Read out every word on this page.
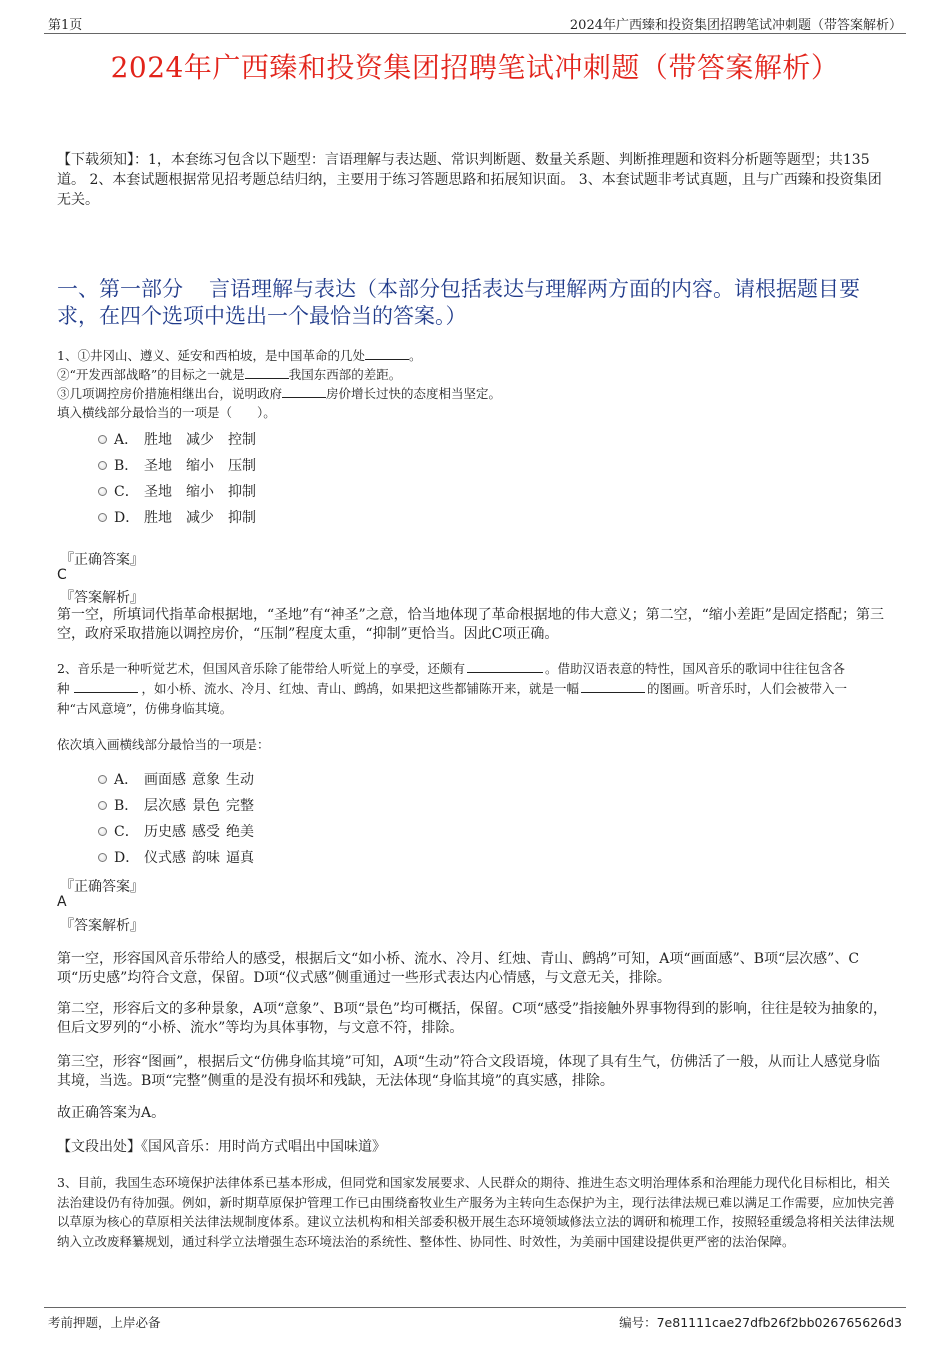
第1页	2024年广西臻和投资集团招聘笔试冲刺题（带答案解析）
2024年广西臻和投资集团招聘笔试冲刺题（带答案解析）
【下载须知】：1，本套练习包含以下题型：言语理解与表达题、常识判断题、数量关系题、判断推理题和资料分析题等题型；共135道。 2、本套试题根据常见招考题总结归纳，主要用于练习答题思路和拓展知识面。 3、本套试题非考试真题，且与广西臻和投资集团无关。
一、第一部分 言语理解与表达（本部分包括表达与理解两方面的内容。请根据题目要求，在四个选项中选出一个最恰当的答案。）
1、①井冈山、遵义、延安和西柏坡，是中国革命的几处	。
②“开发西部战略”的目标之一就是	我国东西部的差距。
③几项调控房价措施相继出台，说明政府	房价增长过快的态度相当坚定。
填入横线部分最恰当的一项是（　　）。
A． 胜地 减少 控制
B． 圣地 缩小 压制
C． 圣地 缩小 抑制
D． 胜地 减少 抑制
『正确答案』
C
『答案解析』
第一空，所填词代指革命根据地，“圣地”有“神圣”之意，恰当地体现了革命根据地的伟大意义；第二空，“缩小差距”是固定搭配；第三空，政府采取措施以调控房价，“压制”程度太重，“抑制”更恰当。因此C项正确。
2、音乐是一种听觉艺术，但国风音乐除了能带给人听觉上的享受，还颇有	。借助汉语表意的特性，国风音乐的歌词中往往包含各
种	，如小桥、流水、冷月、红烛、青山、鹧鸪，如果把这些都铺陈开来，就是一幅	的图画。听音乐时，人们会被带入一
种“古风意境”，仿佛身临其境。
依次填入画横线部分最恰当的一项是：
A． 画面感 意象 生动
B． 层次感 景色 完整
C． 历史感 感受 绝美
D． 仪式感 韵味 逼真
『正确答案』
A
『答案解析』
第一空，形容国风音乐带给人的感受，根据后文“如小桥、流水、冷月、红烛、青山、鹧鸪”可知，A项“画面感”、B项“层次感”、C项“历史感”均符合文意，保留。D项“仪式感”侧重通过一些形式表达内心情感，与文意无关，排除。
第二空，形容后文的多种景象，A项“意象”、B项“景色”均可概括，保留。C项“感受”指接触外界事物得到的影响，往往是较为抽象的，但后文罗列的“小桥、流水”等均为具体事物，与文意不符，排除。
第三空，形容“图画”，根据后文“仿佛身临其境”可知，A项“生动”符合文段语境，体现了具有生气，仿佛活了一般，从而让人感觉身临其境，当选。B项“完整”侧重的是没有损坏和残缺，无法体现“身临其境”的真实感，排除。
故正确答案为A。
【文段出处】《国风音乐：用时尚方式唱出中国味道》
3、目前，我国生态环境保护法律体系已基本形成，但同党和国家发展要求、人民群众的期待、推进生态文明治理体系和治理能力现代化目标相比，相关法治建设仍有待加强。例如，新时期草原保护管理工作已由围绕畜牧业生产服务为主转向生态保护为主，现行法律法规已难以满足工作需要，应加快完善以草原为核心的草原相关法律法规制度体系。建议立法机构和相关部委积极开展生态环境领域修法立法的调研和梳理工作，按照轻重缓急将相关法律法规纳入立改废释纂规划，通过科学立法增强生态环境法治的系统性、整体性、协同性、时效性，为美丽中国建设提供更严密的法治保障。
考前押题，上岸必备	编号：7e81111cae27dfb26f2bb026765626d3
